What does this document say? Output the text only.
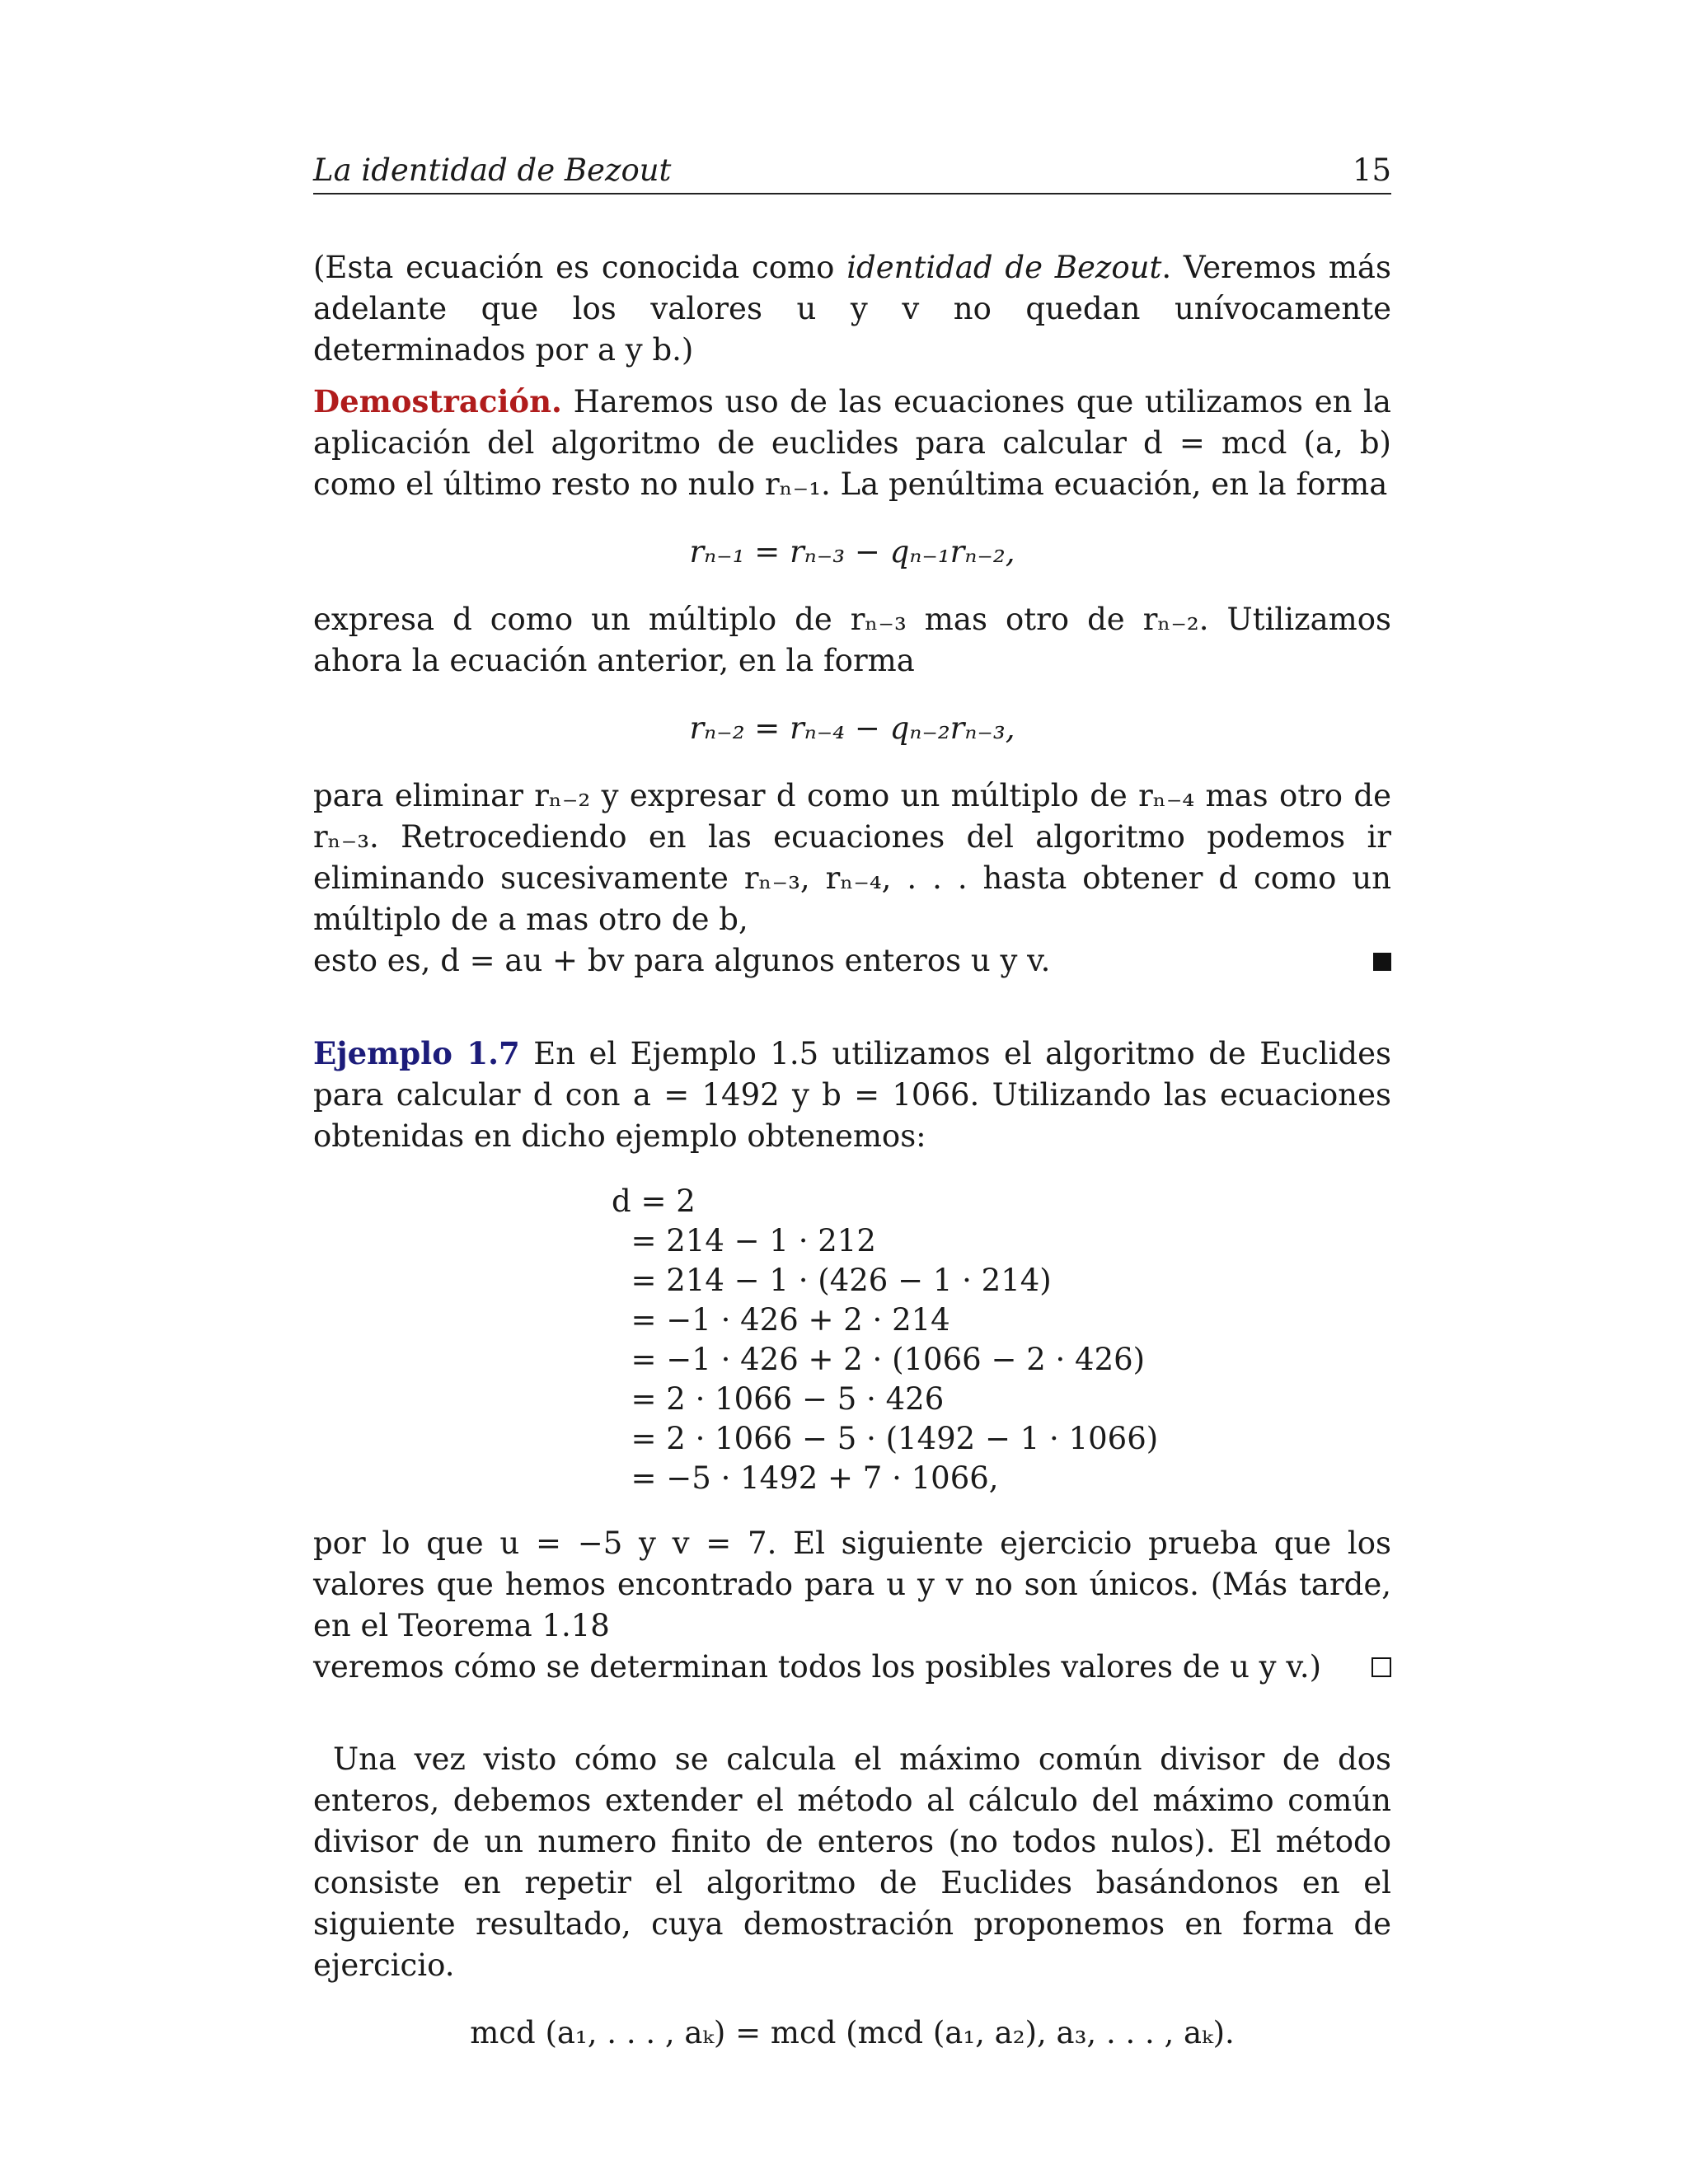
La identidad de Bezout	15

(Esta ecuación es conocida como identidad de Bezout. Veremos más adelante que los valores u y v no quedan unívocamente determinados por a y b.)

Demostración. Haremos uso de las ecuaciones que utilizamos en la aplicación del algoritmo de euclides para calcular d = mcd (a, b) como el último resto no nulo rₙ₋₁. La penúltima ecuación, en la forma

rₙ₋₁ = rₙ₋₃ − qₙ₋₁rₙ₋₂,

expresa d como un múltiplo de rₙ₋₃ mas otro de rₙ₋₂. Utilizamos ahora la ecuación anterior, en la forma

rₙ₋₂ = rₙ₋₄ − qₙ₋₂rₙ₋₃,

para eliminar rₙ₋₂ y expresar d como un múltiplo de rₙ₋₄ mas otro de rₙ₋₃. Retrocediendo en las ecuaciones del algoritmo podemos ir eliminando sucesivamente rₙ₋₃, rₙ₋₄, . . . hasta obtener d como un múltiplo de a mas otro de b,

esto es, d = au + bv para algunos enteros u y v.

Ejemplo 1.7 En el Ejemplo 1.5 utilizamos el algoritmo de Euclides para calcular d con a = 1492 y b = 1066. Utilizando las ecuaciones obtenidas en dicho ejemplo obtenemos:

d = 2
= 214 − 1 · 212
= 214 − 1 · (426 − 1 · 214)
= −1 · 426 + 2 · 214
= −1 · 426 + 2 · (1066 − 2 · 426)
= 2 · 1066 − 5 · 426
= 2 · 1066 − 5 · (1492 − 1 · 1066)
= −5 · 1492 + 7 · 1066,

por lo que u = −5 y v = 7. El siguiente ejercicio prueba que los valores que hemos encontrado para u y v no son únicos. (Más tarde, en el Teorema 1.18

veremos cómo se determinan todos los posibles valores de u y v.)

Una vez visto cómo se calcula el máximo común divisor de dos enteros, debemos extender el método al cálculo del máximo común divisor de un numero finito de enteros (no todos nulos). El método consiste en repetir el algoritmo de Euclides basándonos en el siguiente resultado, cuya demostración proponemos en forma de ejercicio.

mcd (a₁, . . . , aₖ) = mcd (mcd (a₁, a₂), a₃, . . . , aₖ).
